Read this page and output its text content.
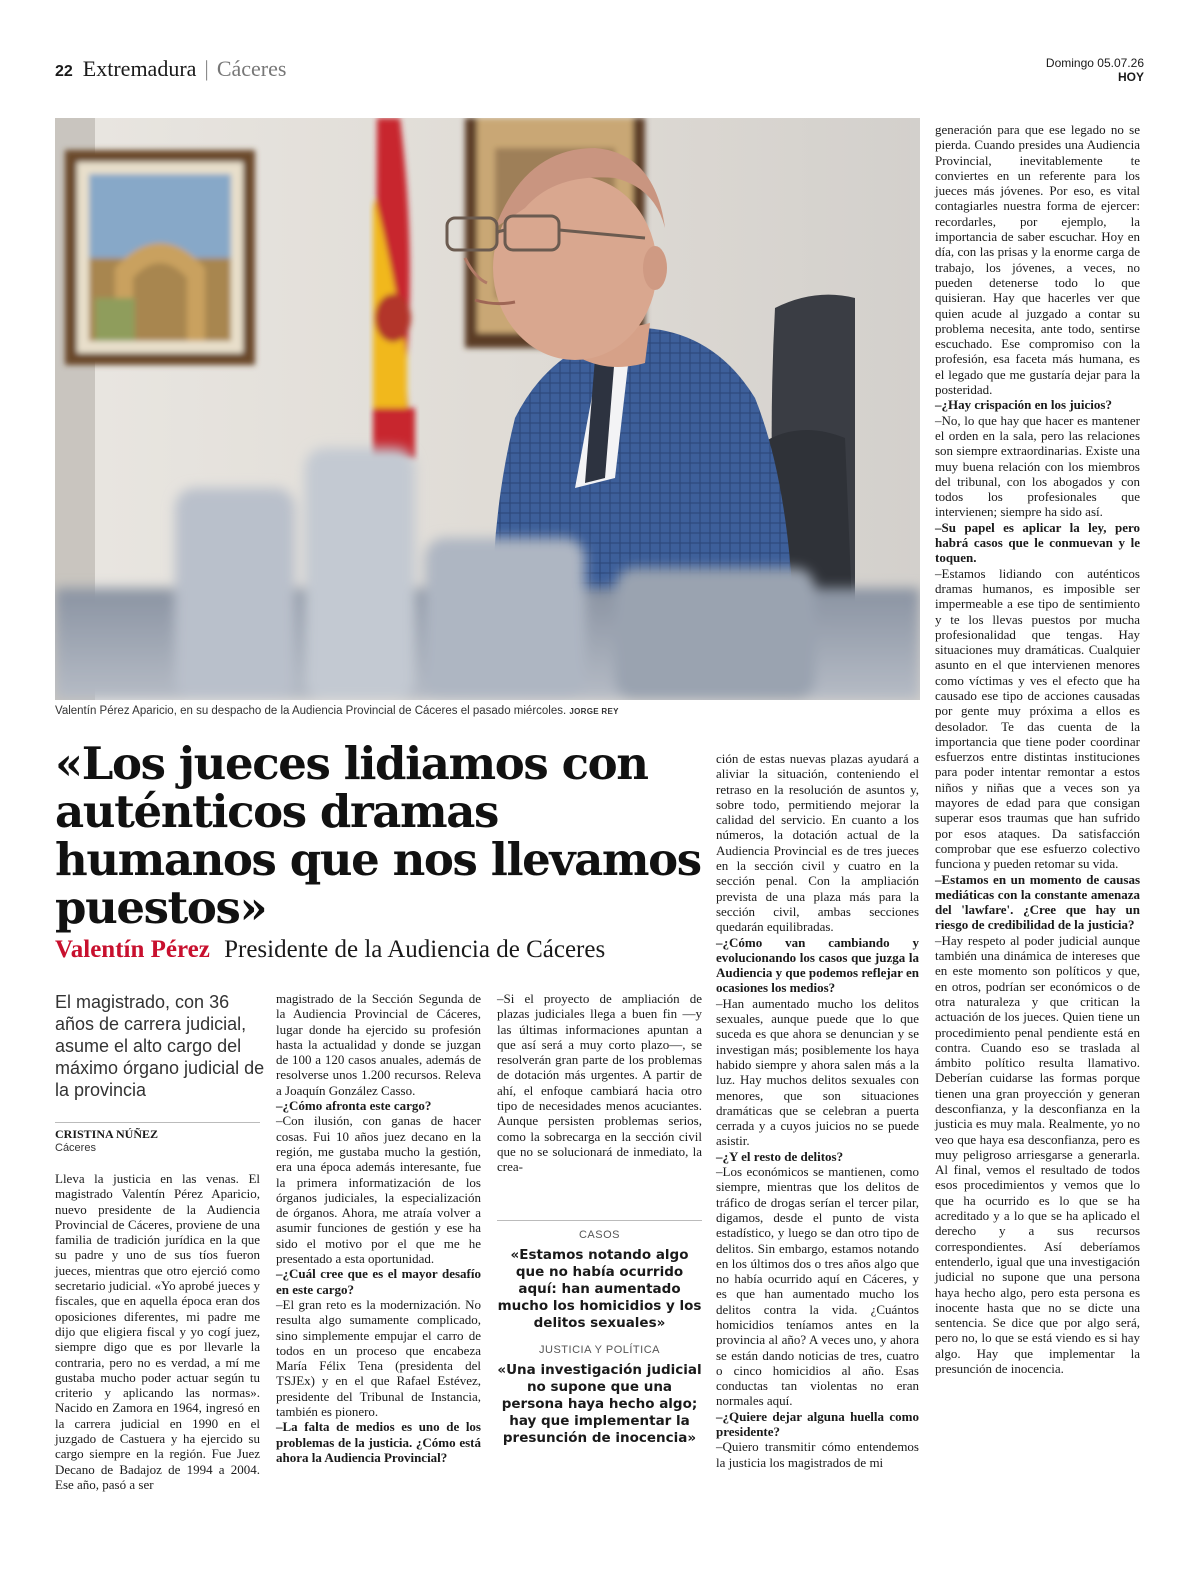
22 Extremadura | Cáceres	Domingo 05.07.26
HOY
Valentín Pérez Aparicio, en su despacho de la Audiencia Provincial de Cáceres el pasado miércoles. JORGE REY
«Los jueces lidiamos con auténticos dramas humanos que nos llevamos puestos»
Valentín Pérez Presidente de la Audiencia de Cáceres
El magistrado, con 36 años de carrera judicial, asume el alto cargo del máximo órgano judicial de la provincia
CRISTINA NÚÑEZ
Cáceres

Lleva la justicia en las venas. El magistrado Valentín Pérez Aparicio, nuevo presidente de la Audiencia Provincial de Cáceres, proviene de una familia de tradición jurídica en la que su padre y uno de sus tíos fueron jueces, mientras que otro ejerció como secretario judicial. «Yo aprobé jueces y fiscales, que en aquella época eran dos oposiciones diferentes, mi padre me dijo que eligiera fiscal y yo cogí juez, siempre digo que es por llevarle la contraria, pero no es verdad, a mí me gustaba mucho poder actuar según tu criterio y aplicando las normas». Nacido en Zamora en 1964, ingresó en la carrera judicial en 1990 en el juzgado de Castuera y ha ejercido su cargo siempre en la región. Fue Juez Decano de Badajoz de 1994 a 2004. Ese año, pasó a ser

magistrado de la Sección Segunda de la Audiencia Provincial de Cáceres, lugar donde ha ejercido su profesión hasta la actualidad y donde se juzgan de 100 a 120 casos anuales, además de resolverse unos 1.200 recursos. Releva a Joaquín González Casso.

–¿Cómo afronta este cargo?

–Con ilusión, con ganas de hacer cosas. Fui 10 años juez decano en la región, me gustaba mucho la gestión, era una época además interesante, fue la primera informatización de los órganos judiciales, la especialización de órganos. Ahora, me atraía volver a asumir funciones de gestión y ese ha sido el motivo por el que me he presentado a esta oportunidad.

–¿Cuál cree que es el mayor desafío en este cargo?

–El gran reto es la modernización. No resulta algo sumamente complicado, sino simplemente empujar el carro de todos en un proceso que encabeza María Félix Tena (presidenta del TSJEx) y en el que Rafael Estévez, presidente del Tribunal de Instancia, también es pionero.

–La falta de medios es uno de los problemas de la justicia. ¿Cómo está ahora la Audiencia Provincial?

–Si el proyecto de ampliación de plazas judiciales llega a buen fin —y las últimas informaciones apuntan a que así será a muy corto plazo—, se resolverán gran parte de los problemas de dotación más urgentes. A partir de ahí, el enfoque cambiará hacia otro tipo de necesidades menos acuciantes. Aunque persisten problemas serios, como la sobrecarga en la sección civil que no se solucionará de inmediato, la crea-

ción de estas nuevas plazas ayudará a aliviar la situación, conteniendo el retraso en la resolución de asuntos y, sobre todo, permitiendo mejorar la calidad del servicio. En cuanto a los números, la dotación actual de la Audiencia Provincial es de tres jueces en la sección civil y cuatro en la sección penal. Con la ampliación prevista de una plaza más para la sección civil, ambas secciones quedarán equilibradas.

–¿Cómo van cambiando y evolucionando los casos que juzga la Audiencia y que podemos reflejar en ocasiones los medios?

–Han aumentado mucho los delitos sexuales, aunque puede que lo que suceda es que ahora se denuncian y se investigan más; posiblemente los haya habido siempre y ahora salen más a la luz. Hay muchos delitos sexuales con menores, que son situaciones dramáticas que se celebran a puerta cerrada y a cuyos juicios no se puede asistir.

–¿Y el resto de delitos?

–Los económicos se mantienen, como siempre, mientras que los delitos de tráfico de drogas serían el tercer pilar, digamos, desde el punto de vista estadístico, y luego se dan otro tipo de delitos. Sin embargo, estamos notando en los últimos dos o tres años algo que no había ocurrido aquí en Cáceres, y es que han aumentado mucho los delitos contra la vida. ¿Cuántos homicidios teníamos antes en la provincia al año? A veces uno, y ahora se están dando noticias de tres, cuatro o cinco homicidios al año. Esas conductas tan violentas no eran normales aquí.

–¿Quiere dejar alguna huella como presidente?

–Quiero transmitir cómo entendemos la justicia los magistrados de mi

generación para que ese legado no se pierda. Cuando presides una Audiencia Provincial, inevitablemente te conviertes en un referente para los jueces más jóvenes. Por eso, es vital contagiarles nuestra forma de ejercer: recordarles, por ejemplo, la importancia de saber escuchar. Hoy en día, con las prisas y la enorme carga de trabajo, los jóvenes, a veces, no pueden detenerse todo lo que quisieran. Hay que hacerles ver que quien acude al juzgado a contar su problema necesita, ante todo, sentirse escuchado. Ese compromiso con la profesión, esa faceta más humana, es el legado que me gustaría dejar para la posteridad.

–¿Hay crispación en los juicios?

–No, lo que hay que hacer es mantener el orden en la sala, pero las relaciones son siempre extraordinarias. Existe una muy buena relación con los miembros del tribunal, con los abogados y con todos los profesionales que intervienen; siempre ha sido así.

–Su papel es aplicar la ley, pero habrá casos que le conmuevan y le toquen.

–Estamos lidiando con auténticos dramas humanos, es imposible ser impermeable a ese tipo de sentimiento y te los llevas puestos por mucha profesionalidad que tengas. Hay situaciones muy dramáticas. Cualquier asunto en el que intervienen menores como víctimas y ves el efecto que ha causado ese tipo de acciones causadas por gente muy próxima a ellos es desolador. Te das cuenta de la importancia que tiene poder coordinar esfuerzos entre distintas instituciones para poder intentar remontar a estos niños y niñas que a veces son ya mayores de edad para que consigan superar esos traumas que han sufrido por esos ataques. Da satisfacción comprobar que ese esfuerzo colectivo funciona y pueden retomar su vida.

–Estamos en un momento de causas mediáticas con la constante amenaza del 'lawfare'. ¿Cree que hay un riesgo de credibilidad de la justicia?

–Hay respeto al poder judicial aunque también una dinámica de intereses que en este momento son políticos y que, en otros, podrían ser económicos o de otra naturaleza y que critican la actuación de los jueces. Quien tiene un procedimiento penal pendiente está en contra. Cuando eso se traslada al ámbito político resulta llamativo. Deberían cuidarse las formas porque tienen una gran proyección y generan desconfianza, y la desconfianza en la justicia es muy mala. Realmente, yo no veo que haya esa desconfianza, pero es muy peligroso arriesgarse a generarla. Al final, vemos el resultado de todos esos procedimientos y vemos que lo que ha ocurrido es lo que se ha acreditado y a lo que se ha aplicado el derecho y a sus recursos correspondientes. Así deberíamos entenderlo, igual que una investigación judicial no supone que una persona haya hecho algo, pero esta persona es inocente hasta que no se dicte una sentencia. Se dice que por algo será, pero no, lo que se está viendo es si hay algo. Hay que implementar la presunción de inocencia.

CASOS
«Estamos notando algo que no había ocurrido aquí: han aumentado mucho los homicidios y los delitos sexuales»
JUSTICIA Y POLÍTICA
«Una investigación judicial no supone que una persona haya hecho algo; hay que implementar la presunción de inocencia»
